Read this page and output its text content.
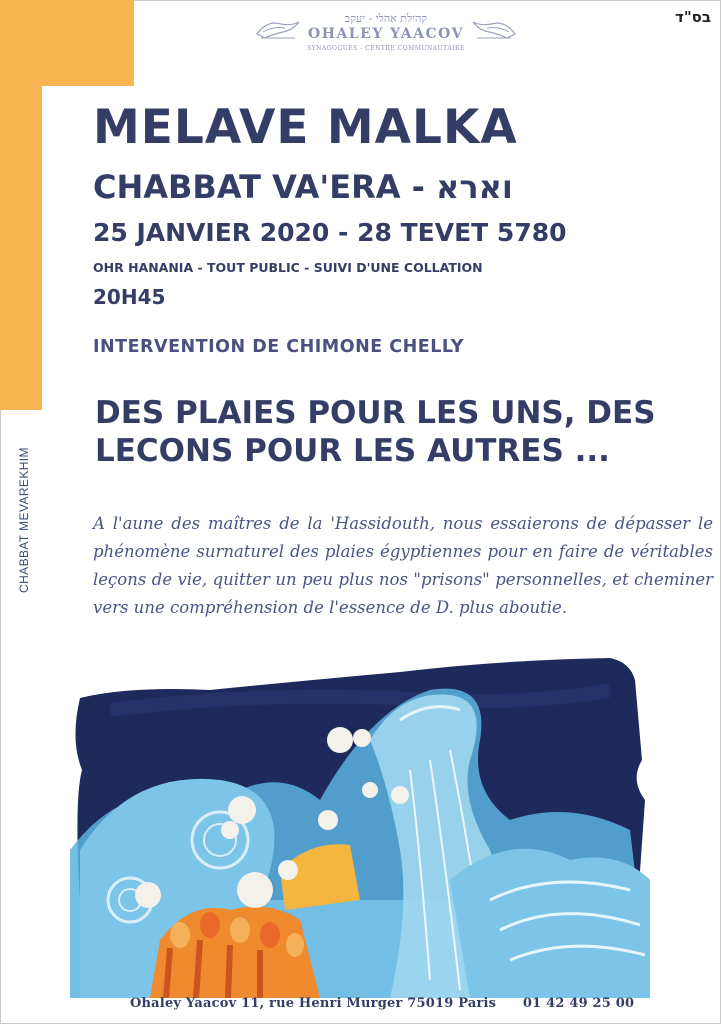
CHABBAT MEVAREKHIM
קהילת אהלי - יעקב
OHALEY YAACOV
SYNAGOGUES - CENTRE COMMUNAUTAIRE
בס"ד
MELAVE MALKA
CHABBAT VA'ERA - וארא
25 JANVIER 2020 - 28 TEVET 5780
OHR HANANIA - TOUT PUBLIC - SUIVI D'UNE COLLATION
20H45
INTERVENTION DE CHIMONE CHELLY
DES PLAIES POUR LES UNS, DES
LECONS POUR LES AUTRES ...
A l'aune des maîtres de la 'Hassidouth, nous essaierons de dépasser le phénomène surnaturel des plaies égyptiennes pour en faire de véritables leçons de vie, quitter un peu plus nos "prisons" personnelles, et cheminer vers une compréhension de l'essence de D. plus aboutie.
Ohaley Yaacov 11, rue Henri Murger 75019 Paris 01 42 49 25 00
